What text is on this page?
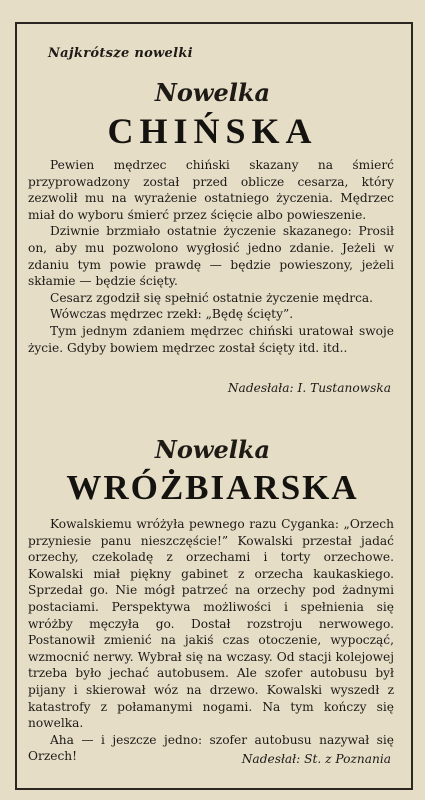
Najkrótsze nowelki
Nowelka
CHIŃSKA

Pewien mędrzec chiński skazany na śmierć przyprowadzony został przed oblicze cesarza, który zezwolił mu na wyrażenie ostatniego życzenia. Mędrzec miał do wyboru śmierć przez ścięcie albo powieszenie.

Dziwnie brzmiało ostatnie życzenie skazanego: Prosił on, aby mu pozwolono wygłosić jedno zdanie. Jeżeli w zdaniu tym powie prawdę — będzie powieszony, jeżeli skłamie — będzie ścięty.

Cesarz zgodził się spełnić ostatnie życzenie mędrca.

Wówczas mędrzec rzekł: „Będę ścięty”.

Tym jednym zdaniem mędrzec chiński uratował swoje życie. Gdyby bowiem mędrzec został ścięty itd. itd..

Nadesłała: I. Tustanowska
Nowelka
WRÓŻBIARSKA

Kowalskiemu wróżyła pewnego razu Cyganka: „Orzech przyniesie panu nieszczęście!” Kowalski przestał jadać orzechy, czekoladę z orzechami i torty orzechowe. Kowalski miał piękny gabinet z orzecha kaukaskiego. Sprzedał go. Nie mógł patrzeć na orzechy pod żadnymi postaciami. Perspektywa możliwości i spełnienia się wróżby męczyła go. Dostał rozstroju nerwowego. Postanowił zmienić na jakiś czas otoczenie, wypocząć, wzmocnić nerwy. Wybrał się na wczasy. Od stacji kolejowej trzeba było jechać autobusem. Ale szofer autobusu był pijany i skierował wóz na drzewo. Kowalski wyszedł z katastrofy z połamanymi nogami. Na tym kończy się nowelka.

Aha — i jeszcze jedno: szofer autobusu nazywał się Orzech!	Nadesłał: St. z Poznania
